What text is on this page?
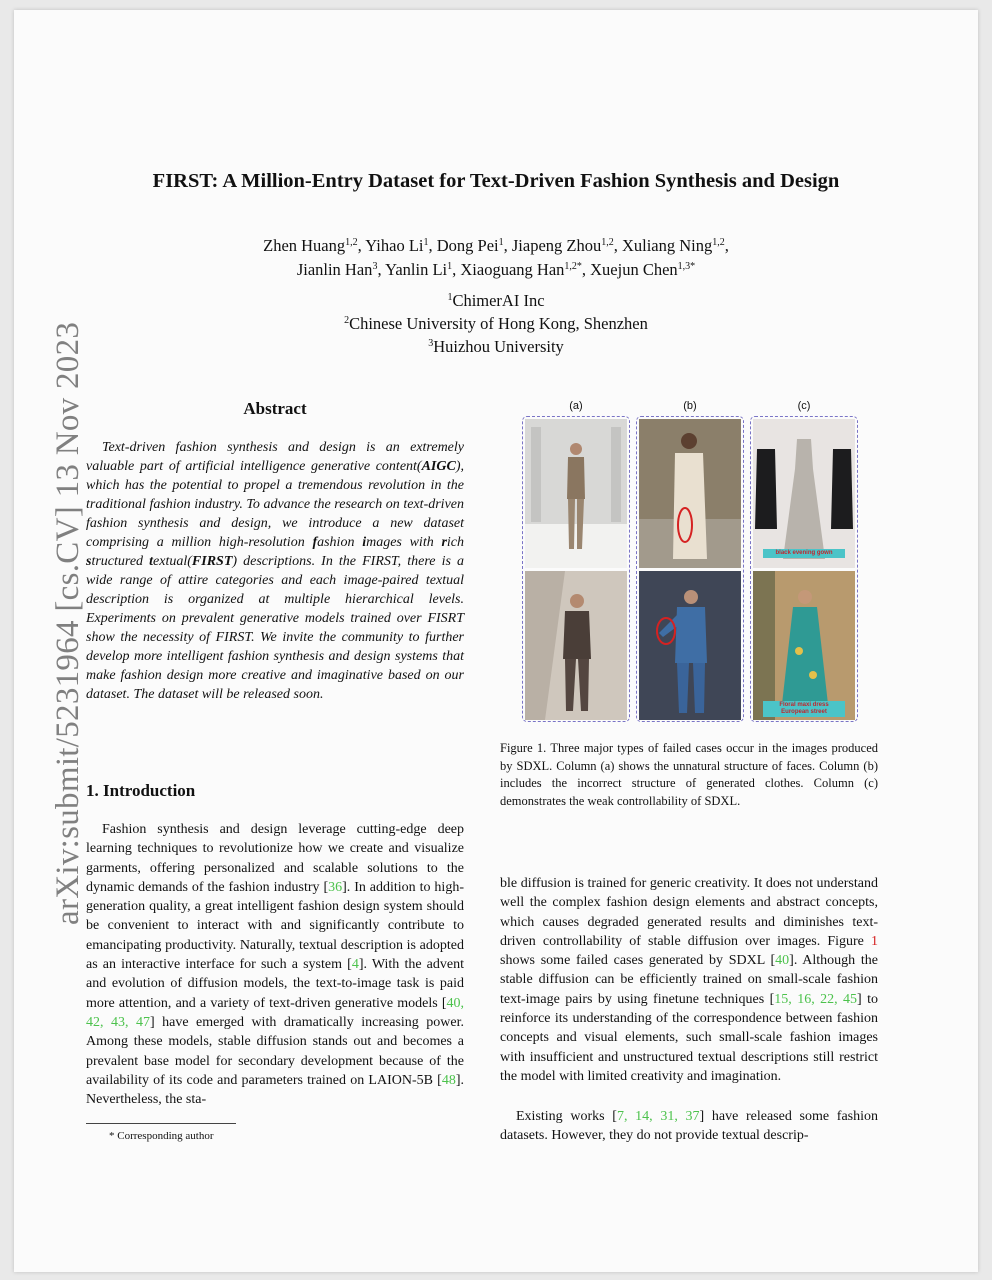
arXiv:submit/5231964 [cs.CV] 13 Nov 2023
FIRST: A Million-Entry Dataset for Text-Driven Fashion Synthesis and Design
Zhen Huang$^{1,2}$, Yihao Li$^1$, Dong Pei$^1$, Jiapeng Zhou$^{1,2}$, Xuliang Ning$^{1,2}$,
Jianlin Han$^3$, Yanlin Li$^1$, Xiaoguang Han$^{1,2*}$, Xuejun Chen$^{1,3*}$
$^1$ChimerAI Inc
$^2$Chinese University of Hong Kong, Shenzhen
$^3$Huizhou University
Abstract

Text-driven fashion synthesis and design is an extremely valuable part of artificial intelligence generative content(AIGC), which has the potential to propel a tremendous revolution in the traditional fashion industry. To advance the research on text-driven fashion synthesis and design, we introduce a new dataset comprising a million high-resolution fashion images with rich structured textual(FIRST) descriptions. In the FIRST, there is a wide range of attire categories and each image-paired textual description is organized at multiple hierarchical levels. Experiments on prevalent generative models trained over FISRT show the necessity of FIRST. We invite the community to further develop more intelligent fashion synthesis and design systems that make fashion design more creative and imaginative based on our dataset. The dataset will be released soon.

1. Introduction

Fashion synthesis and design leverage cutting-edge deep learning techniques to revolutionize how we create and visualize garments, offering personalized and scalable solutions to the dynamic demands of the fashion industry [36]. In addition to high-generation quality, a great intelligent fashion design system should be convenient to interact with and significantly contribute to emancipating productivity. Naturally, textual description is adopted as an interactive interface for such a system [4]. With the advent and evolution of diffusion models, the text-to-image task is paid more attention, and a variety of text-driven generative models [40, 42, 43, 47] have emerged with dramatically increasing power. Among these models, stable diffusion stands out and becomes a prevalent base model for secondary development because of the availability of its code and parameters trained on LAION-5B [48]. Nevertheless, the sta-

* Corresponding author
(a)	(b)	(c)
black evening gown
Floral maxi dress
European street

Figure 1. Three major types of failed cases occur in the images produced by SDXL. Column (a) shows the unnatural structure of faces. Column (b) includes the incorrect structure of generated clothes. Column (c) demonstrates the weak controllability of SDXL.

ble diffusion is trained for generic creativity. It does not understand well the complex fashion design elements and abstract concepts, which causes degraded generated results and diminishes text-driven controllability of stable diffusion over images. Figure 1 shows some failed cases generated by SDXL [40]. Although the stable diffusion can be efficiently trained on small-scale fashion text-image pairs by using finetune techniques [15, 16, 22, 45] to reinforce its understanding of the correspondence between fashion concepts and visual elements, such small-scale fashion images with insufficient and unstructured textual descriptions still restrict the model with limited creativity and imagination.

Existing works [7, 14, 31, 37] have released some fashion datasets. However, they do not provide textual descrip-
